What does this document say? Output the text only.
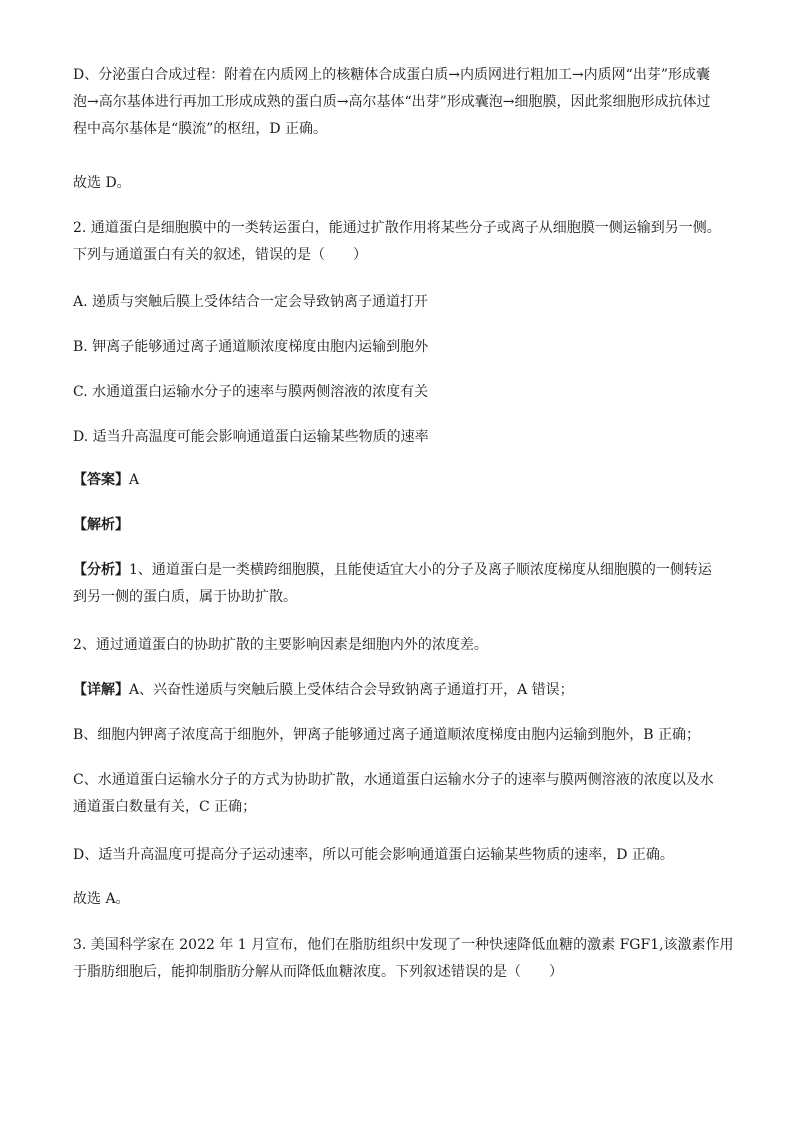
D、分泌蛋白合成过程：附着在内质网上的核糖体合成蛋白质→内质网进行粗加工→内质网“出芽”形成囊
泡→高尔基体进行再加工形成成熟的蛋白质→高尔基体“出芽”形成囊泡→细胞膜，因此浆细胞形成抗体过
程中高尔基体是“膜流”的枢纽，D 正确。

故选 D。

2. 通道蛋白是细胞膜中的一类转运蛋白，能通过扩散作用将某些分子或离子从细胞膜一侧运输到另一侧。
下列与通道蛋白有关的叙述，错误的是（　　）

A. 递质与突触后膜上受体结合一定会导致钠离子通道打开

B. 钾离子能够通过离子通道顺浓度梯度由胞内运输到胞外

C. 水通道蛋白运输水分子的速率与膜两侧溶液的浓度有关

D. 适当升高温度可能会影响通道蛋白运输某些物质的速率

【答案】A

【解析】

【分析】1、通道蛋白是一类横跨细胞膜，且能使适宜大小的分子及离子顺浓度梯度从细胞膜的一侧转运
到另一侧的蛋白质，属于协助扩散。

2、通过通道蛋白的协助扩散的主要影响因素是细胞内外的浓度差。

【详解】A、兴奋性递质与突触后膜上受体结合会导致钠离子通道打开，A 错误；

B、细胞内钾离子浓度高于细胞外，钾离子能够通过离子通道顺浓度梯度由胞内运输到胞外，B 正确；

C、水通道蛋白运输水分子的方式为协助扩散，水通道蛋白运输水分子的速率与膜两侧溶液的浓度以及水
通道蛋白数量有关，C 正确；

D、适当升高温度可提高分子运动速率，所以可能会影响通道蛋白运输某些物质的速率，D 正确。

故选 A。

3. 美国科学家在 2022 年 1 月宣布，他们在脂肪组织中发现了一种快速降低血糖的激素 FGF1,该激素作用
于脂肪细胞后，能抑制脂肪分解从而降低血糖浓度。下列叙述错误的是（　　）
